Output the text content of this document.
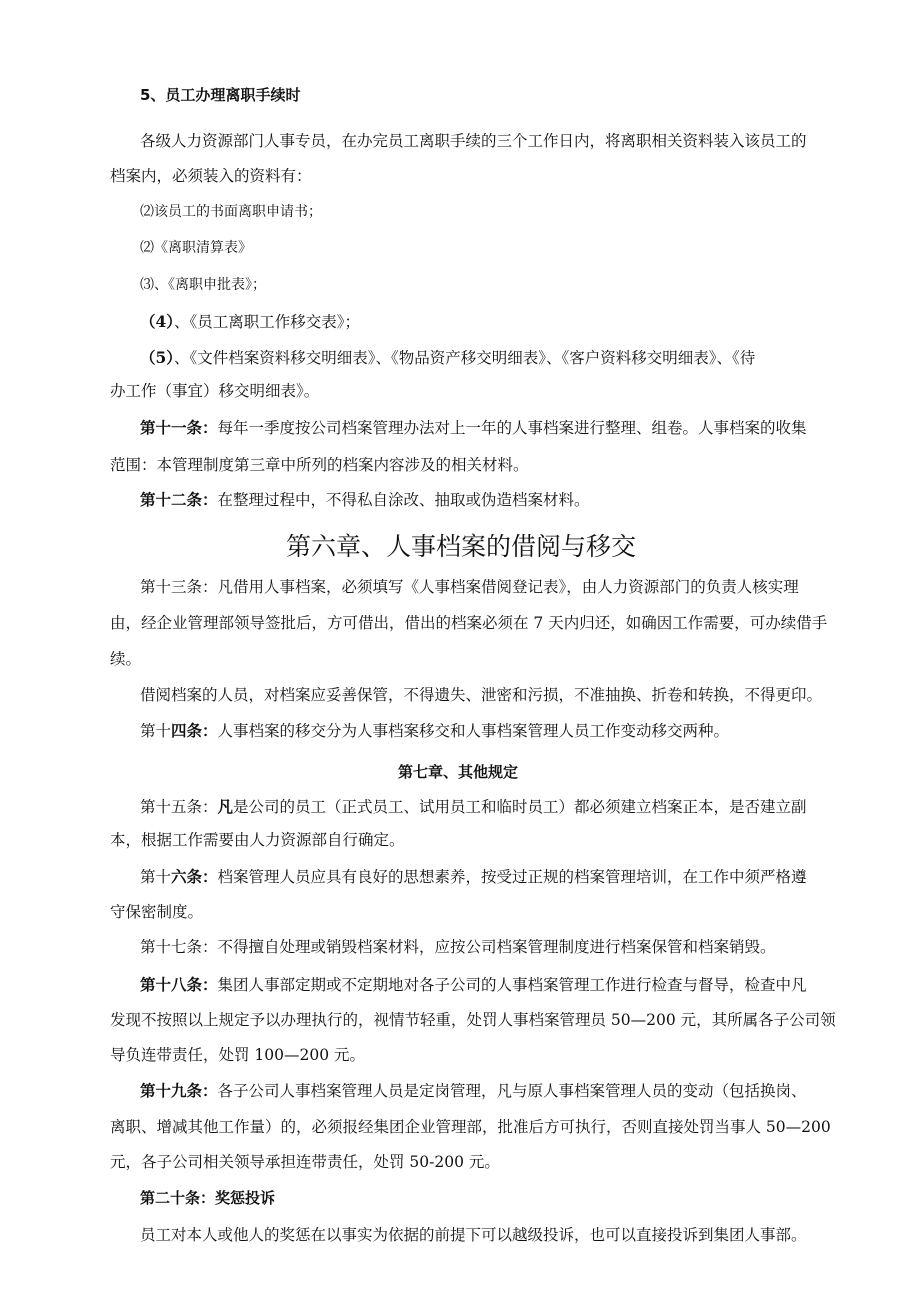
5、员工办理离职手续时
各级人力资源部门人事专员，在办完员工离职手续的三个工作日内，将离职相关资料装入该员工的
档案内，必须装入的资料有：
⑵该员工的书面离职申请书；
⑵《离职清算表》
⑶、《离职申批表》；
（4）、《员工离职工作移交表》；
（5）、《文件档案资料移交明细表》、《物品资产移交明细表》、《客户资料移交明细表》、《待
办工作（事宜）移交明细表》。
第十一条：每年一季度按公司档案管理办法对上一年的人事档案进行整理、组卷。人事档案的收集
范围：本管理制度第三章中所列的档案内容涉及的相关材料。
第十二条：在整理过程中，不得私自涂改、抽取或伪造档案材料。
第六章、人事档案的借阅与移交
第十三条：凡借用人事档案，必须填写《人事档案借阅登记表》，由人力资源部门的负责人核实理
由，经企业管理部领导签批后，方可借出，借出的档案必须在 7 天内归还，如确因工作需要，可办续借手
续。
借阅档案的人员，对档案应妥善保管，不得遗失、泄密和污损，不准抽换、折卷和转换，不得更印。
第十四条：人事档案的移交分为人事档案移交和人事档案管理人员工作变动移交两种。
第七章、其他规定
第十五条：凡是公司的员工（正式员工、试用员工和临时员工）都必须建立档案正本，是否建立副
本，根据工作需要由人力资源部自行确定。
第十六条：档案管理人员应具有良好的思想素养，按受过正规的档案管理培训，在工作中须严格遵
守保密制度。
第十七条：不得擅自处理或销毁档案材料，应按公司档案管理制度进行档案保管和档案销毁。
第十八条：集团人事部定期或不定期地对各子公司的人事档案管理工作进行检查与督导，检查中凡
发现不按照以上规定予以办理执行的，视情节轻重，处罚人事档案管理员 50—200 元，其所属各子公司领
导负连带责任，处罚 100—200 元。
第十九条：各子公司人事档案管理人员是定岗管理，凡与原人事档案管理人员的变动（包括换岗、
离职、增减其他工作量）的，必须报经集团企业管理部，批准后方可执行，否则直接处罚当事人 50—200
元，各子公司相关领导承担连带责任，处罚 50-200 元。
第二十条：奖惩投诉
员工对本人或他人的奖惩在以事实为依据的前提下可以越级投诉，也可以直接投诉到集团人事部。
